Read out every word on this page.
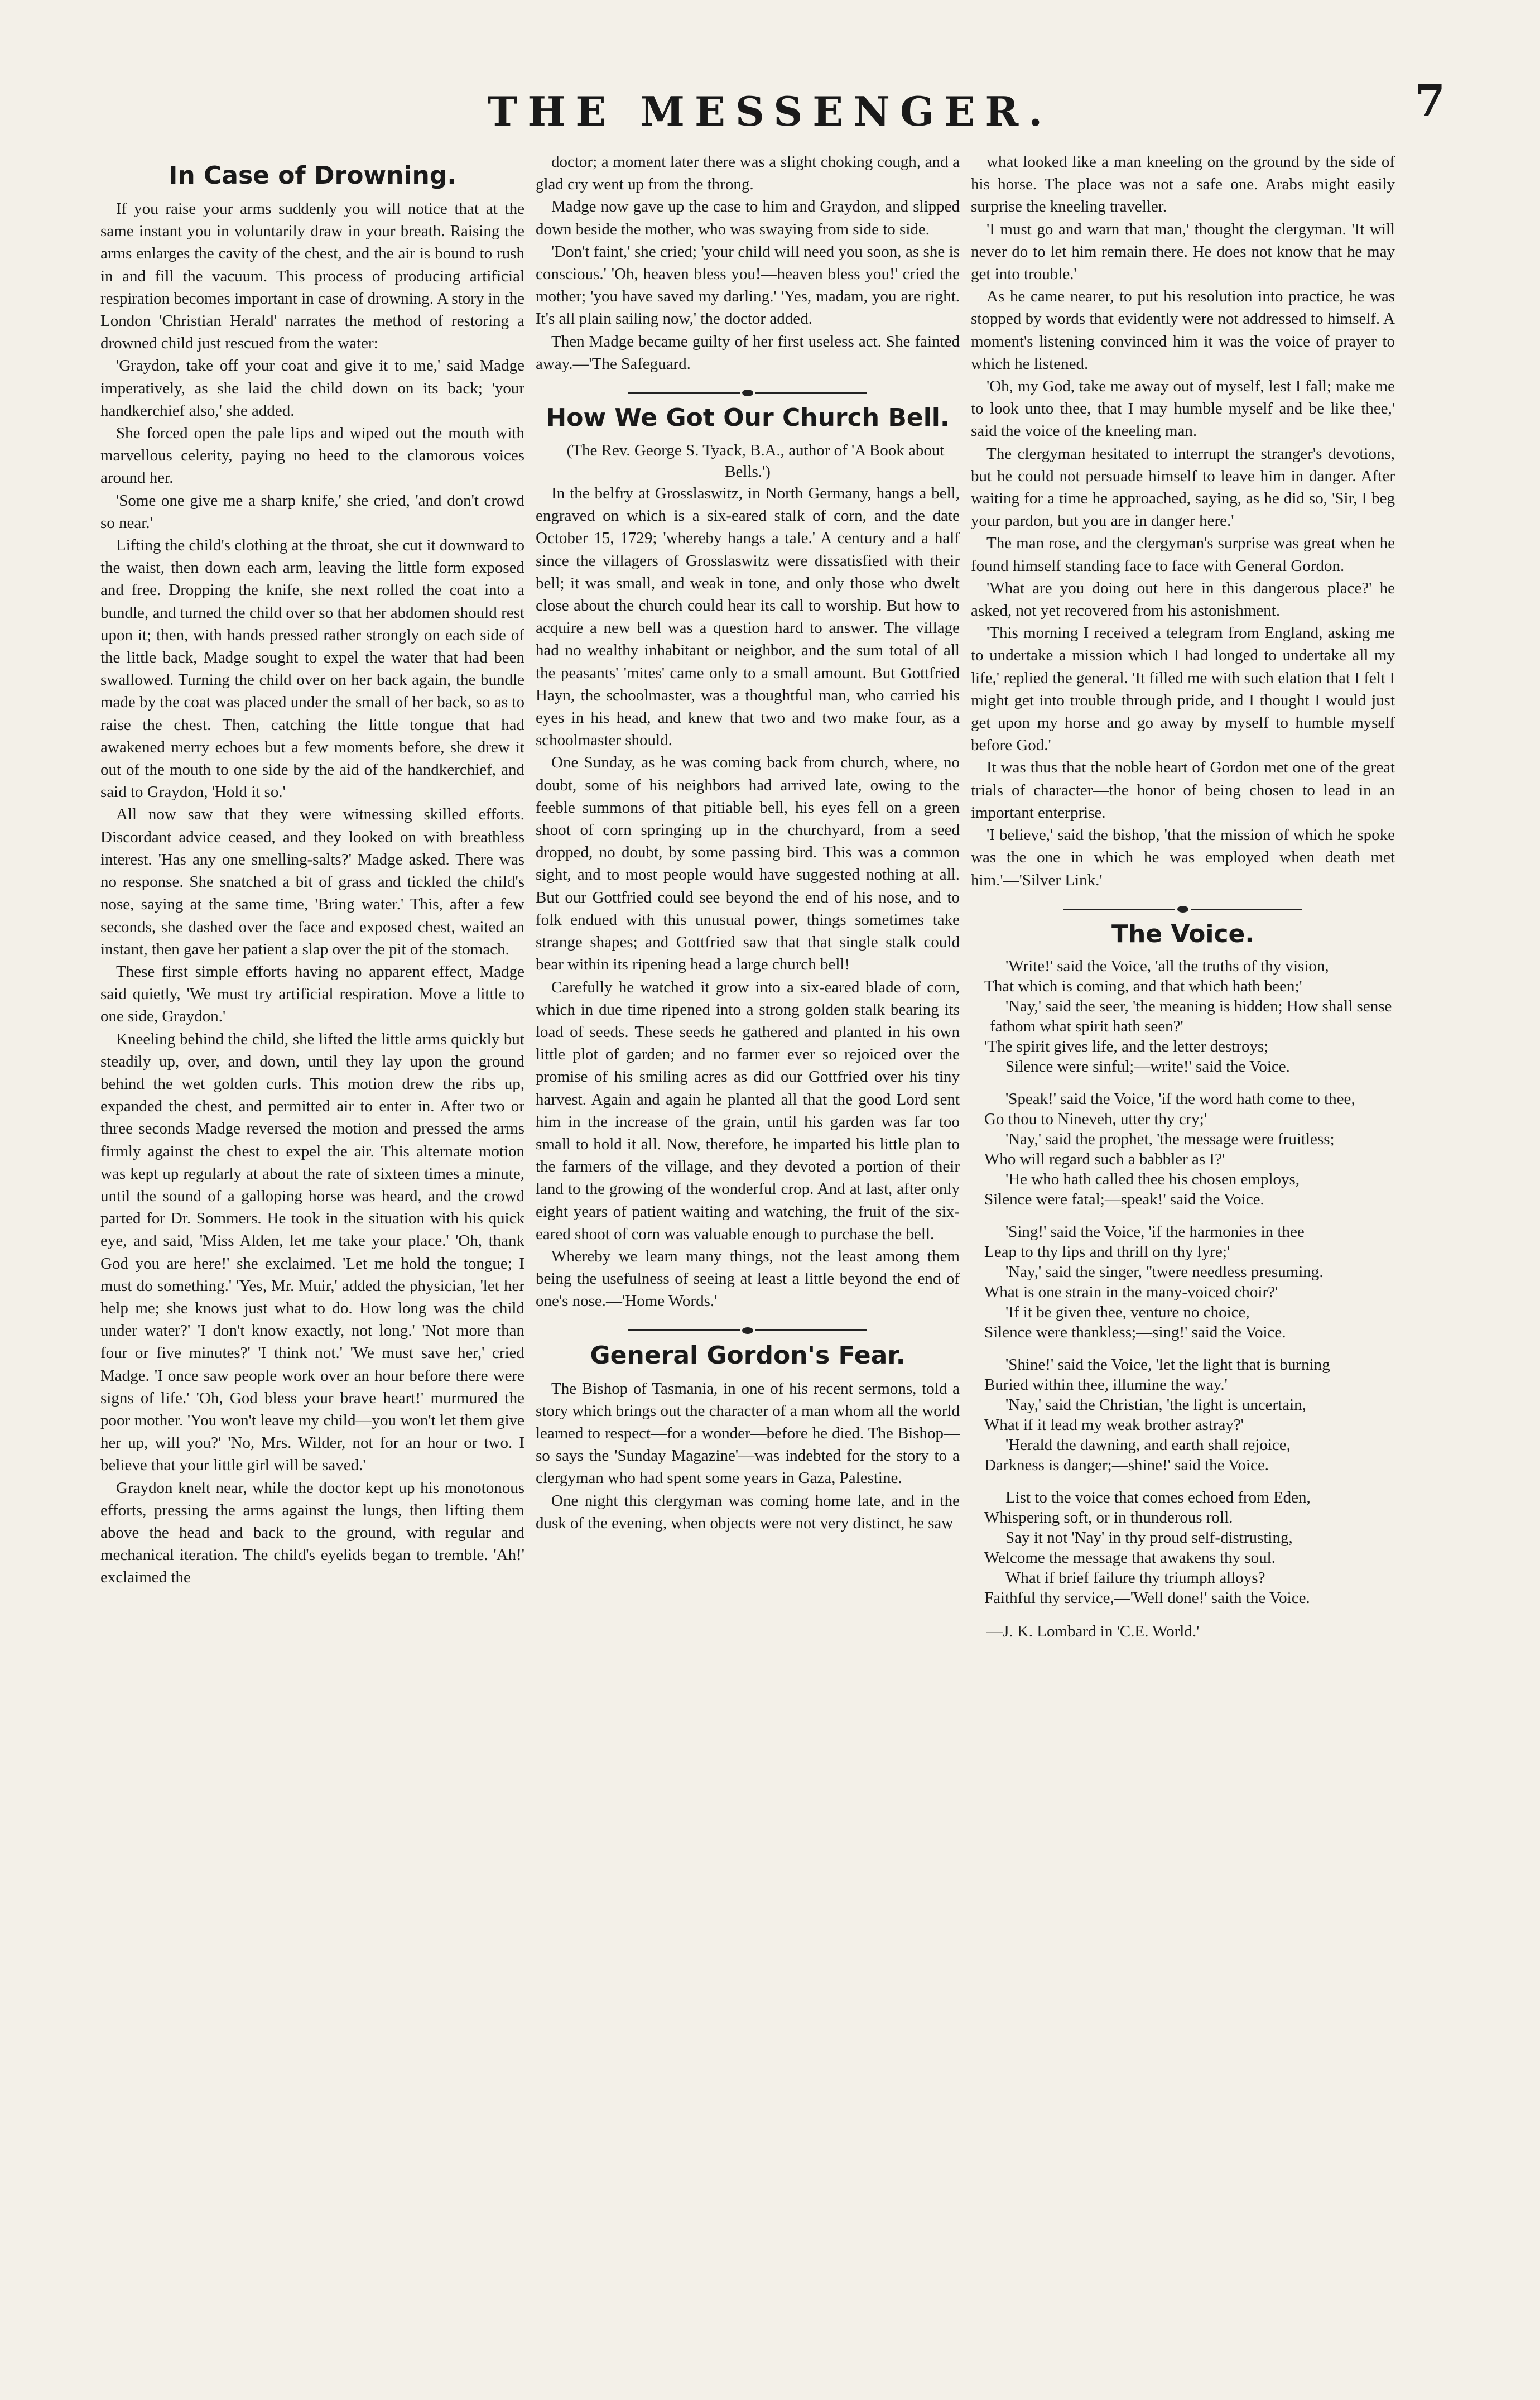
THE MESSENGER.	7
In Case of Drowning.

If you raise your arms suddenly you will notice that at the same instant you in voluntarily draw in your breath. Raising the arms enlarges the cavity of the chest, and the air is bound to rush in and fill the vacuum. This process of producing artificial respiration becomes important in case of drowning. A story in the London 'Christian Herald' narrates the method of restoring a drowned child just rescued from the water:

'Graydon, take off your coat and give it to me,' said Madge imperatively, as she laid the child down on its back; 'your handkerchief also,' she added.

She forced open the pale lips and wiped out the mouth with marvellous celerity, paying no heed to the clamorous voices around her.

'Some one give me a sharp knife,' she cried, 'and don't crowd so near.'

Lifting the child's clothing at the throat, she cut it downward to the waist, then down each arm, leaving the little form exposed and free. Dropping the knife, she next rolled the coat into a bundle, and turned the child over so that her abdomen should rest upon it; then, with hands pressed rather strongly on each side of the little back, Madge sought to expel the water that had been swallowed. Turning the child over on her back again, the bundle made by the coat was placed under the small of her back, so as to raise the chest. Then, catching the little tongue that had awakened merry echoes but a few moments before, she drew it out of the mouth to one side by the aid of the handkerchief, and said to Graydon, 'Hold it so.'

All now saw that they were witnessing skilled efforts. Discordant advice ceased, and they looked on with breathless interest. 'Has any one smelling-salts?' Madge asked. There was no response. She snatched a bit of grass and tickled the child's nose, saying at the same time, 'Bring water.' This, after a few seconds, she dashed over the face and exposed chest, waited an instant, then gave her patient a slap over the pit of the stomach.

These first simple efforts having no apparent effect, Madge said quietly, 'We must try artificial respiration. Move a little to one side, Graydon.'

Kneeling behind the child, she lifted the little arms quickly but steadily up, over, and down, until they lay upon the ground behind the wet golden curls. This motion drew the ribs up, expanded the chest, and permitted air to enter in. After two or three seconds Madge reversed the motion and pressed the arms firmly against the chest to expel the air. This alternate motion was kept up regularly at about the rate of sixteen times a minute, until the sound of a galloping horse was heard, and the crowd parted for Dr. Sommers. He took in the situation with his quick eye, and said, 'Miss Alden, let me take your place.' 'Oh, thank God you are here!' she exclaimed. 'Let me hold the tongue; I must do something.' 'Yes, Mr. Muir,' added the physician, 'let her help me; she knows just what to do. How long was the child under water?' 'I don't know exactly, not long.' 'Not more than four or five minutes?' 'I think not.' 'We must save her,' cried Madge. 'I once saw people work over an hour before there were signs of life.' 'Oh, God bless your brave heart!' murmured the poor mother. 'You won't leave my child—you won't let them give her up, will you?' 'No, Mrs. Wilder, not for an hour or two. I believe that your little girl will be saved.'

Graydon knelt near, while the doctor kept up his monotonous efforts, pressing the arms against the lungs, then lifting them above the head and back to the ground, with regular and mechanical iteration. The child's eyelids began to tremble. 'Ah!' exclaimed the

doctor; a moment later there was a slight choking cough, and a glad cry went up from the throng.

Madge now gave up the case to him and Graydon, and slipped down beside the mother, who was swaying from side to side.

'Don't faint,' she cried; 'your child will need you soon, as she is conscious.' 'Oh, heaven bless you!—heaven bless you!' cried the mother; 'you have saved my darling.' 'Yes, madam, you are right. It's all plain sailing now,' the doctor added.

Then Madge became guilty of her first useless act. She fainted away.—'The Safeguard.

How We Got Our Church Bell.

(The Rev. George S. Tyack, B.A., author of 'A Book about Bells.')

In the belfry at Grosslaswitz, in North Germany, hangs a bell, engraved on which is a six-eared stalk of corn, and the date October 15, 1729; 'whereby hangs a tale.' A century and a half since the villagers of Grosslaswitz were dissatisfied with their bell; it was small, and weak in tone, and only those who dwelt close about the church could hear its call to worship. But how to acquire a new bell was a question hard to answer. The village had no wealthy inhabitant or neighbor, and the sum total of all the peasants' 'mites' came only to a small amount. But Gottfried Hayn, the schoolmaster, was a thoughtful man, who carried his eyes in his head, and knew that two and two make four, as a schoolmaster should.

One Sunday, as he was coming back from church, where, no doubt, some of his neighbors had arrived late, owing to the feeble summons of that pitiable bell, his eyes fell on a green shoot of corn springing up in the churchyard, from a seed dropped, no doubt, by some passing bird. This was a common sight, and to most people would have suggested nothing at all. But our Gottfried could see beyond the end of his nose, and to folk endued with this unusual power, things sometimes take strange shapes; and Gottfried saw that that single stalk could bear within its ripening head a large church bell!

Carefully he watched it grow into a six-eared blade of corn, which in due time ripened into a strong golden stalk bearing its load of seeds. These seeds he gathered and planted in his own little plot of garden; and no farmer ever so rejoiced over the promise of his smiling acres as did our Gottfried over his tiny harvest. Again and again he planted all that the good Lord sent him in the increase of the grain, until his garden was far too small to hold it all. Now, therefore, he imparted his little plan to the farmers of the village, and they devoted a portion of their land to the growing of the wonderful crop. And at last, after only eight years of patient waiting and watching, the fruit of the six-eared shoot of corn was valuable enough to purchase the bell.

Whereby we learn many things, not the least among them being the usefulness of seeing at least a little beyond the end of one's nose.—'Home Words.'

General Gordon's Fear.

The Bishop of Tasmania, in one of his recent sermons, told a story which brings out the character of a man whom all the world learned to respect—for a wonder—before he died. The Bishop—so says the 'Sunday Magazine'—was indebted for the story to a clergyman who had spent some years in Gaza, Palestine.

One night this clergyman was coming home late, and in the dusk of the evening, when objects were not very distinct, he saw

what looked like a man kneeling on the ground by the side of his horse. The place was not a safe one. Arabs might easily surprise the kneeling traveller.

'I must go and warn that man,' thought the clergyman. 'It will never do to let him remain there. He does not know that he may get into trouble.'

As he came nearer, to put his resolution into practice, he was stopped by words that evidently were not addressed to himself. A moment's listening convinced him it was the voice of prayer to which he listened.

'Oh, my God, take me away out of myself, lest I fall; make me to look unto thee, that I may humble myself and be like thee,' said the voice of the kneeling man.

The clergyman hesitated to interrupt the stranger's devotions, but he could not persuade himself to leave him in danger. After waiting for a time he approached, saying, as he did so, 'Sir, I beg your pardon, but you are in danger here.'

The man rose, and the clergyman's surprise was great when he found himself standing face to face with General Gordon.

'What are you doing out here in this dangerous place?' he asked, not yet recovered from his astonishment.

'This morning I received a telegram from England, asking me to undertake a mission which I had longed to undertake all my life,' replied the general. 'It filled me with such elation that I felt I might get into trouble through pride, and I thought I would just get upon my horse and go away by myself to humble myself before God.'

It was thus that the noble heart of Gordon met one of the great trials of character—the honor of being chosen to lead in an important enterprise.

'I believe,' said the bishop, 'that the mission of which he spoke was the one in which he was employed when death met him.'—'Silver Link.'

The Voice.

'Write!' said the Voice, 'all the truths of thy vision,

That which is coming, and that which hath been;'

'Nay,' said the seer, 'the meaning is hidden; How shall sense fathom what spirit hath seen?'

'The spirit gives life, and the letter destroys;

Silence were sinful;—write!' said the Voice.

'Speak!' said the Voice, 'if the word hath come to thee,

Go thou to Nineveh, utter thy cry;'

'Nay,' said the prophet, 'the message were fruitless;

Who will regard such a babbler as I?'

'He who hath called thee his chosen employs,

Silence were fatal;—speak!' said the Voice.

'Sing!' said the Voice, 'if the harmonies in thee

Leap to thy lips and thrill on thy lyre;'

'Nay,' said the singer, ''twere needless presuming.

What is one strain in the many-voiced choir?'

'If it be given thee, venture no choice,

Silence were thankless;—sing!' said the Voice.

'Shine!' said the Voice, 'let the light that is burning

Buried within thee, illumine the way.'

'Nay,' said the Christian, 'the light is uncertain,

What if it lead my weak brother astray?'

'Herald the dawning, and earth shall rejoice,

Darkness is danger;—shine!' said the Voice.

List to the voice that comes echoed from Eden,

Whispering soft, or in thunderous roll.

Say it not 'Nay' in thy proud self-distrusting,

Welcome the message that awakens thy soul.

What if brief failure thy triumph alloys?

Faithful thy service,—'Well done!' saith the Voice.

—J. K. Lombard in 'C.E. World.'
